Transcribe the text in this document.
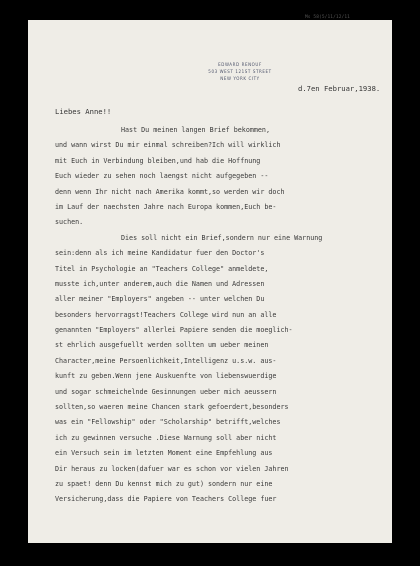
Ms 58(5/11/12/11
EDWARD RENOUF
503 WEST 121ST STREET
NEW YORK CITY
d.7en Februar,1938.
Liebes Anne!!
Hast Du meinen langen Brief bekommen,
und wann wirst Du mir einmal schreiben?Ich will wirklich
mit Euch in Verbindung bleiben,und hab die Hoffnung
Euch wieder zu sehen noch laengst nicht aufgegeben --
denn wenn Ihr nicht nach Amerika kommt,so werden wir doch
im Lauf der naechsten Jahre nach Europa kommen,Euch be-
suchen.
Dies soll nicht ein Brief,sondern nur eine Warnung
sein:denn als ich meine Kandidatur fuer den Doctor's
Titel in Psychologie an "Teachers College" anmeldete,
musste ich,unter anderem,auch die Namen und Adressen
aller meiner "Employers" angeben -- unter welchen Du
besonders hervorragst!Teachers College wird nun an alle
genannten "Employers" allerlei Papiere senden die moeglich-
st ehrlich ausgefuellt werden sollten um ueber meinen
Character,meine Persoenlichkeit,Intelligenz u.s.w. aus-
kunft zu geben.Wenn jene Auskuenfte von liebenswuerdige
und sogar schmeichelnde Gesinnungen ueber mich aeussern
sollten,so waeren meine Chancen stark gefoerdert,besonders
was ein "Fellowship" oder "Scholarship" betrifft,welches
ich zu gewinnen versuche .Diese Warnung soll aber nicht
ein Versuch sein im letzten Moment eine Empfehlung aus
Dir heraus zu locken(dafuer war es schon vor vielen Jahren
zu spaet! denn Du kennst mich zu gut) sondern nur eine
Versicherung,dass die Papiere von Teachers College fuer
